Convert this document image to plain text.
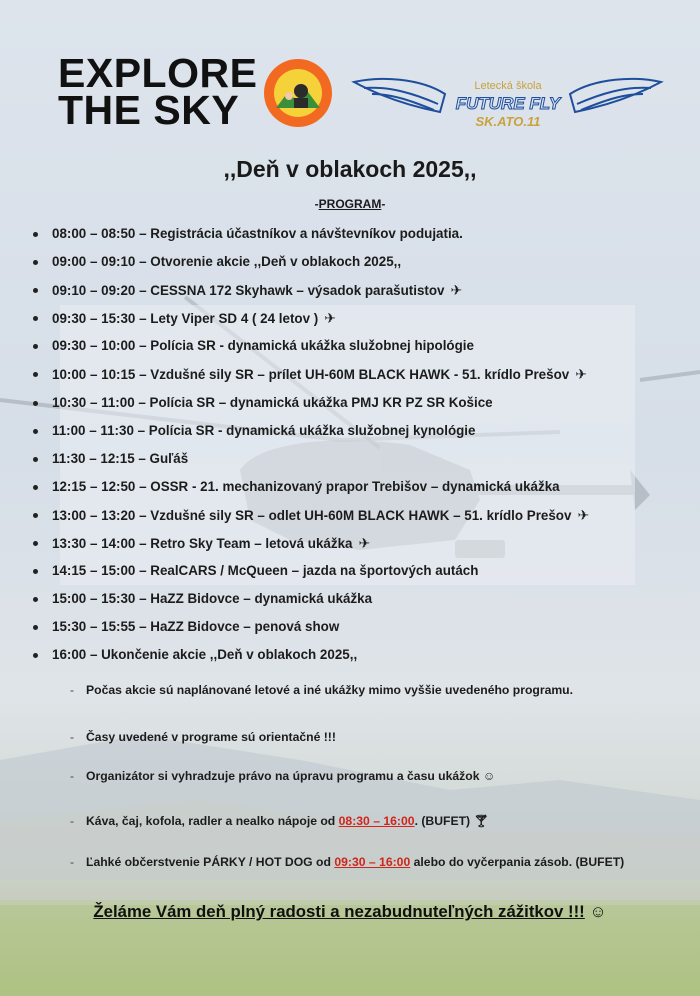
EXPLORE
THE SKY
Letecká škola
FUTURE FLY
SK.ATO.11
,,Deň v oblakoch 2025,,
-PROGRAM-
08:00 – 08:50 – Registrácia účastníkov a návštevníkov podujatia.
09:00 – 09:10 – Otvorenie akcie ,,Deň v oblakoch 2025,,
09:10 – 09:20 – CESSNA 172 Skyhawk – výsadok parašutistov ✈
09:30 – 15:30 – Lety Viper SD 4 ( 24 letov ) ✈
09:30 – 10:00 – Polícia SR - dynamická ukážka služobnej hipológie
10:00 – 10:15 – Vzdušné sily SR – prílet UH-60M BLACK HAWK - 51. krídlo Prešov ✈
10:30 – 11:00 – Polícia SR – dynamická ukážka PMJ KR PZ SR Košice
11:00 – 11:30 – Polícia SR - dynamická ukážka služobnej kynológie
11:30 – 12:15 – Guľáš
12:15 – 12:50 – OSSR - 21. mechanizovaný prapor Trebišov – dynamická ukážka
13:00 – 13:20 – Vzdušné sily SR – odlet UH-60M BLACK HAWK – 51. krídlo Prešov ✈
13:30 – 14:00 – Retro Sky Team – letová ukážka ✈
14:15 – 15:00 – RealCARS / McQueen – jazda na športových autách
15:00 – 15:30 – HaZZ Bidovce – dynamická ukážka
15:30 – 15:55 – HaZZ Bidovce – penová show
16:00 – Ukončenie akcie ,,Deň v oblakoch 2025,,
- Počas akcie sú naplánované letové a iné ukážky mimo vyššie uvedeného programu.
- Časy uvedené v programe sú orientačné !!!
- Organizátor si vyhradzuje právo na úpravu programu a času ukážok ☺
- Káva, čaj, kofola, radler a nealko nápoje od 08:30 – 16:00. (BUFET) 🍸︎
- Ľahké občerstvenie PÁRKY / HOT DOG od 09:30 – 16:00 alebo do vyčerpania zásob. (BUFET)
Želáme Vám deň plný radosti a nezabudnuteľných zážitkov !!! ☺
